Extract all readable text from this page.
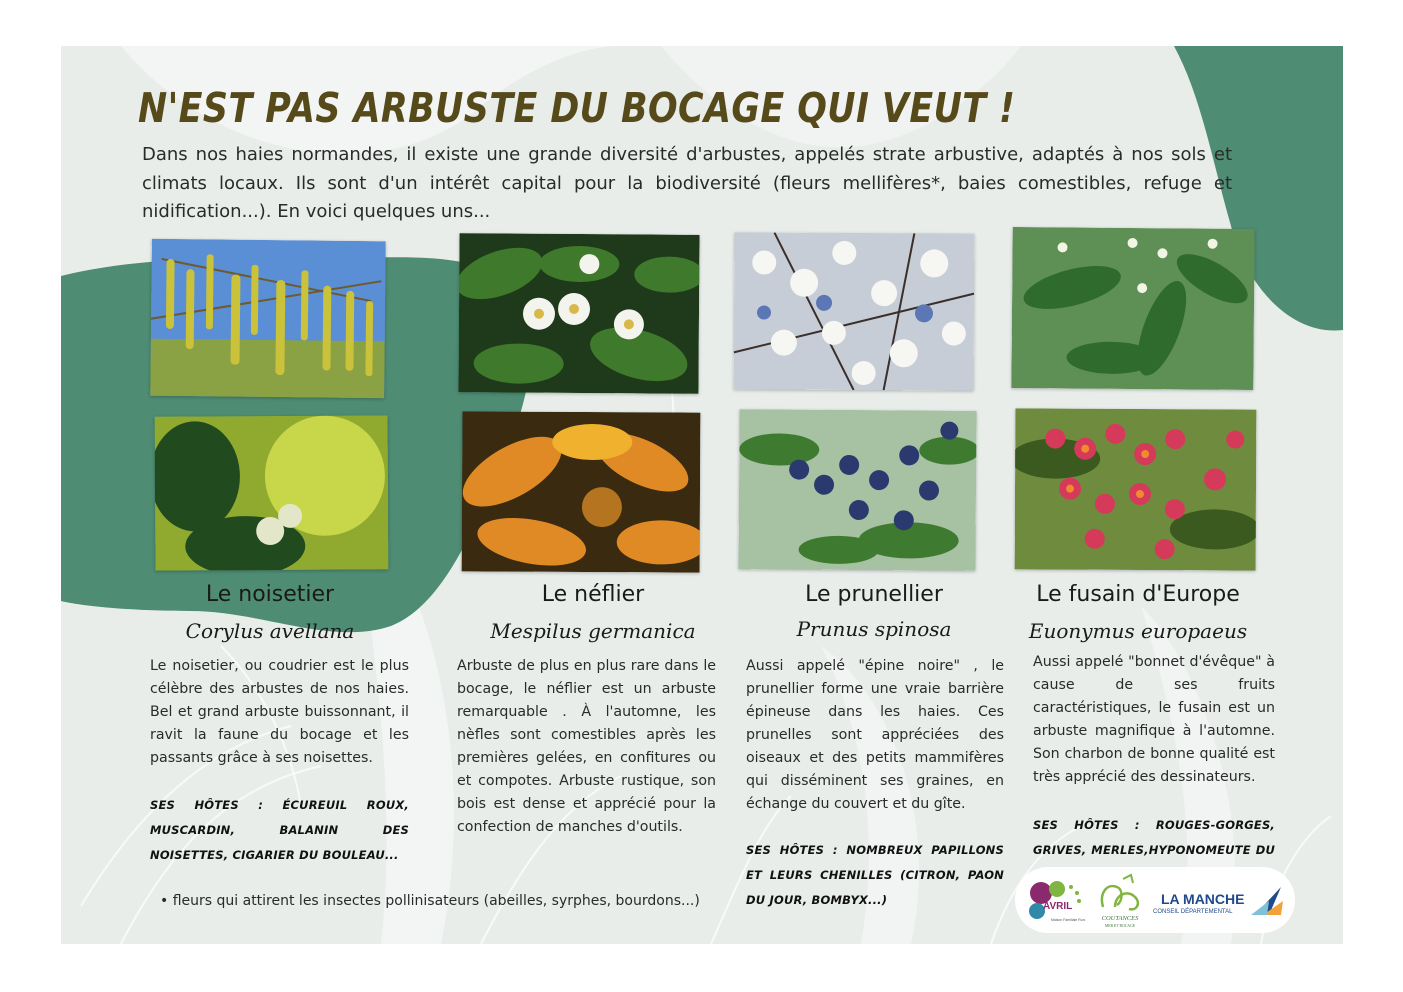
N'EST PAS ARBUSTE DU BOCAGE QUI VEUT !

Dans nos haies normandes, il existe une grande diversité d'arbustes, appelés strate arbustive, adaptés à nos sols et climats locaux. Ils sont d'un intérêt capital pour la biodiversité (fleurs mellifères*, baies comestibles, refuge et nidification...). En voici quelques uns...

Le noisetier

Corylus avellana

Le noisetier, ou coudrier est le plus célèbre des arbustes de nos haies. Bel et grand arbuste buissonnant, il ravit la faune du bocage et les passants grâce à ses noisettes.

SES HÔTES : ÉCUREUIL ROUX, MUSCARDIN, BALANIN DES NOISETTES, CIGARIER DU BOULEAU...

Le néflier

Mespilus germanica

Arbuste de plus en plus rare dans le bocage, le néflier est un arbuste remarquable . À l'automne, les nèfles sont comestibles après les premières gelées, en confitures ou et compotes. Arbuste rustique, son bois est dense et apprécié pour la confection de manches d'outils.

Le prunellier

Prunus spinosa

Aussi appelé "épine noire" , le prunellier forme une vraie barrière épineuse dans les haies. Ces prunelles sont appréciées des oiseaux et des petits mammifères qui disséminent ses graines, en échange du couvert et du gîte.

SES HÔTES : NOMBREUX PAPILLONS ET LEURS CHENILLES (CITRON, PAON DU JOUR, BOMBYX...)

Le fusain d'Europe

Euonymus europaeus

Aussi appelé "bonnet d'évêque" à cause de ses fruits caractéristiques, le fusain est un arbuste magnifique à l'automne. Son charbon de bonne qualité est très apprécié des dessinateurs.

SES HÔTES : ROUGES-GORGES, GRIVES, MERLES,HYPONOMEUTE DU

• fleurs qui attirent les insectes pollinisateurs (abeilles, syrphes, bourdons...)	AVRIL
Maison Familiale Rurale COUTANCES
MER ET BOCAGE
LA MANCHE
CONSEIL DÉPARTEMENTAL
